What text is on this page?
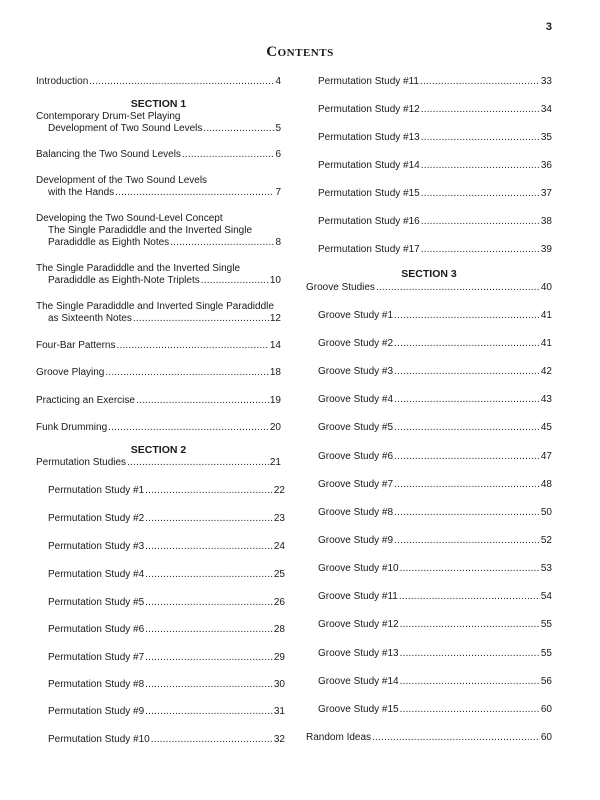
3
Contents
Introduction .....	4
SECTION 1
Contemporary Drum-Set Playing
Development of Two Sound Levels .....	5
Balancing the Two Sound Levels .....	6
Development of the Two Sound Levels
with the Hands .....	7
Developing the Two Sound-Level Concept
The Single Paradiddle and the Inverted Single
Paradiddle as Eighth Notes .....	8
The Single Paradiddle and the Inverted Single
Paradiddle as Eighth-Note Triplets .....	10
The Single Paradiddle and Inverted Single Paradiddle
as Sixteenth Notes .....	12
Four-Bar Patterns .....	14
Groove Playing .....	18
Practicing an Exercise .....	19
Funk Drumming .....	20
SECTION 2
Permutation Studies .....	21
Permutation Study #1 .....	22
Permutation Study #2 .....	23
Permutation Study #3 .....	24
Permutation Study #4 .....	25
Permutation Study #5 .....	26
Permutation Study #6 .....	28
Permutation Study #7 .....	29
Permutation Study #8 .....	30
Permutation Study #9 .....	31
Permutation Study #10 .....	32
Permutation Study #11 .....	33
Permutation Study #12 .....	34
Permutation Study #13 .....	35
Permutation Study #14 .....	36
Permutation Study #15 .....	37
Permutation Study #16 .....	38
Permutation Study #17 .....	39
SECTION 3
Groove Studies .....	40
Groove Study #1 .....	41
Groove Study #2 .....	41
Groove Study #3 .....	42
Groove Study #4 .....	43
Groove Study #5 .....	45
Groove Study #6 .....	47
Groove Study #7 .....	48
Groove Study #8 .....	50
Groove Study #9 .....	52
Groove Study #10 .....	53
Groove Study #11 .....	54
Groove Study #12 .....	55
Groove Study #13 .....	55
Groove Study #14 .....	56
Groove Study #15 .....	60
Random Ideas .....	60
